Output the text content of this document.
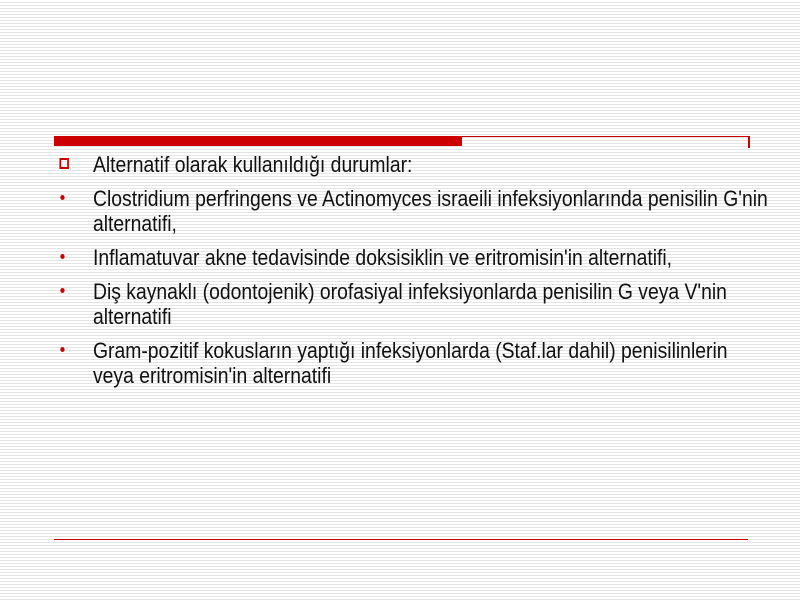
Alternatif olarak kullanıldığı durumlar:
Clostridium perfringens ve Actinomyces israeili infeksiyonlarında penisilin G'nin alternatifi,
Inflamatuvar akne tedavisinde doksisiklin ve eritromisin'in alternatifi,
Diş kaynaklı (odontojenik) orofasiyal infeksiyonlarda penisilin G veya V'nin alternatifi
Gram-pozitif kokusların yaptığı infeksiyonlarda (Staf.lar dahil) penisilinlerin veya eritromisin'in alternatifi
